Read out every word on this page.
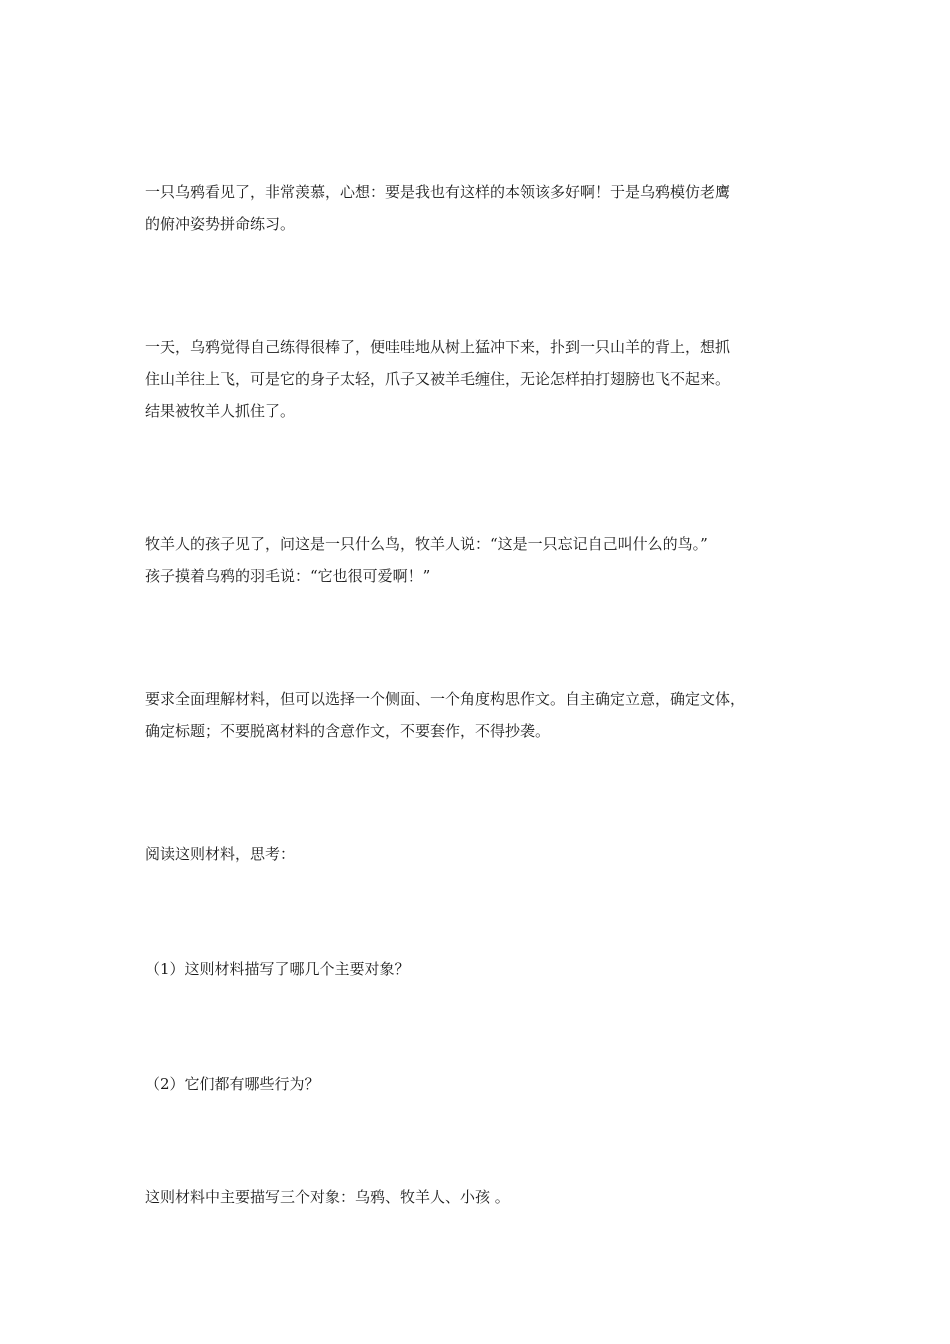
一只乌鸦看见了，非常羡慕，心想：要是我也有这样的本领该多好啊！于是乌鸦模仿老鹰
的俯冲姿势拼命练习。
一天，乌鸦觉得自己练得很棒了，便哇哇地从树上猛冲下来，扑到一只山羊的背上，想抓
住山羊往上飞，可是它的身子太轻，爪子又被羊毛缠住，无论怎样拍打翅膀也飞不起来。
结果被牧羊人抓住了。
牧羊人的孩子见了，问这是一只什么鸟，牧羊人说：“这是一只忘记自己叫什么的鸟。”
孩子摸着乌鸦的羽毛说：“它也很可爱啊！”
要求全面理解材料，但可以选择一个侧面、一个角度构思作文。自主确定立意，确定文体，
确定标题；不要脱离材料的含意作文，不要套作，不得抄袭。
阅读这则材料，思考：
（1）这则材料描写了哪几个主要对象？
（2）它们都有哪些行为？
这则材料中主要描写三个对象：乌鸦、牧羊人、小孩 。
